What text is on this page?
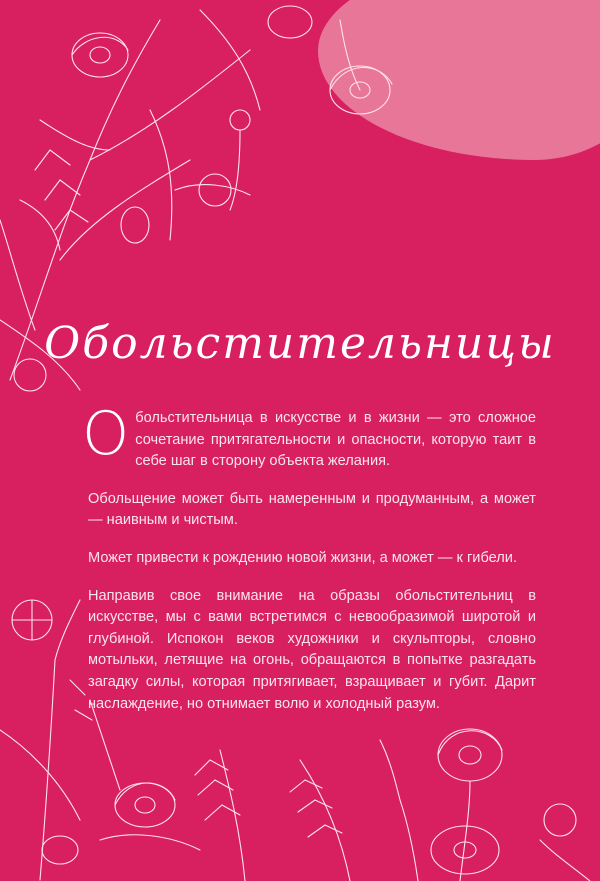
Обольстительницы

Обольстительница в искусстве и в жизни — это сложное сочетание притягательности и опасности, которую таит в себе шаг в сторону объекта желания.

Обольщение может быть намеренным и продуманным, а может — наивным и чистым.

Может привести к рождению новой жизни, а может — к гибели.

Направив свое внимание на образы обольстительниц в искусстве, мы с вами встретимся с невообразимой широтой и глубиной. Испокон веков художники и скульпторы, словно мотыльки, летящие на огонь, обращаются в попытке разгадать загадку силы, которая притягивает, взращивает и губит. Дарит наслаждение, но отнимает волю и холодный разум.
